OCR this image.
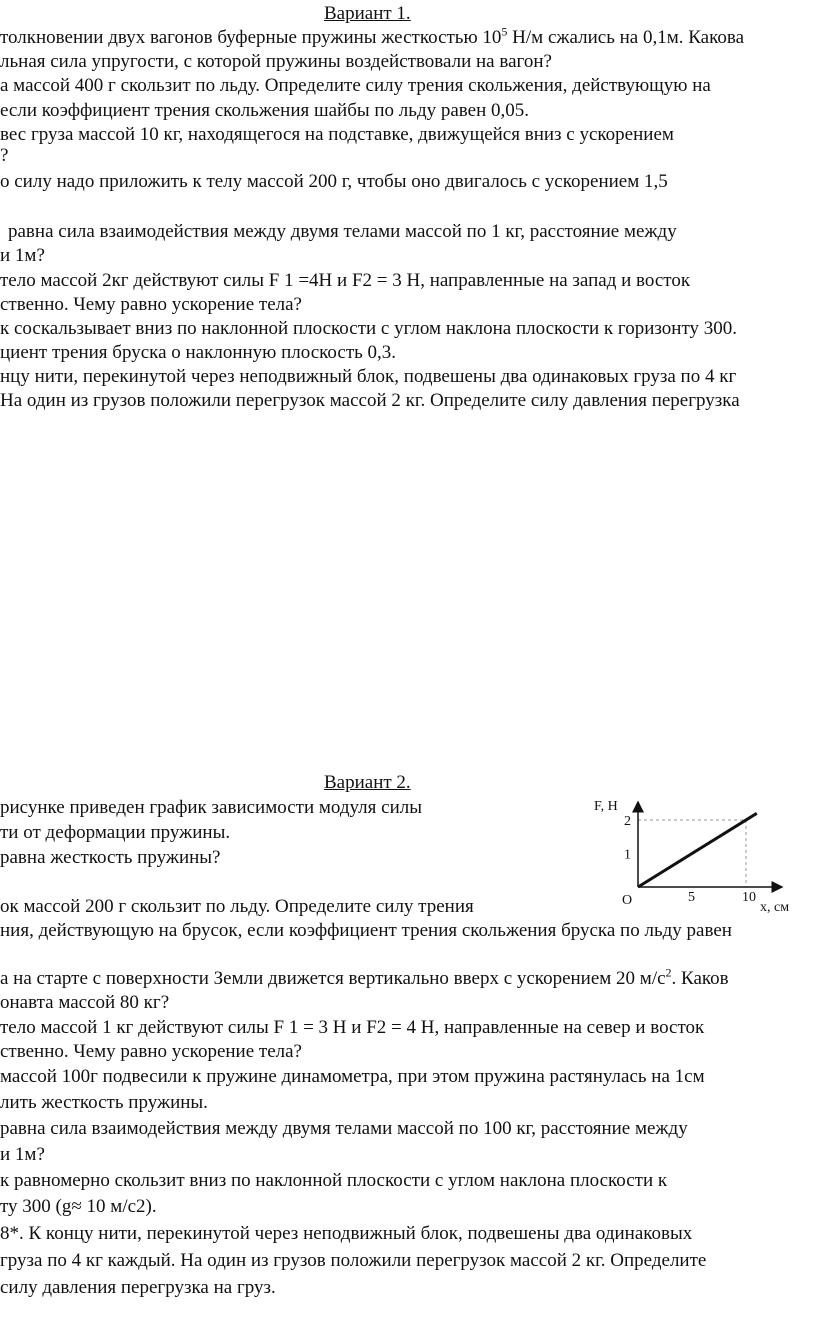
Вариант 1.
толкновении двух вагонов буферные пружины жесткостью $10^5$ Н/м сжались на 0,1м. Какова
льная сила упругости, с которой пружины воздействовали на вагон?
а массой 400 г скользит по льду. Определите силу трения скольжения, действующую на
если коэффициент трения скольжения шайбы по льду равен 0,05.
вес груза массой 10 кг, находящегося на подставке, движущейся вниз с ускорением
?
о силу надо приложить к телу массой 200 г, чтобы оно двигалось с ускорением 1,5
равна сила взаимодействия между двумя телами массой по 1 кг, расстояние между
и 1м?
тело массой 2кг действуют силы F 1 =4Н и F2 = 3 Н, направленные на запад и восток
ственно. Чему равно ускорение тела?
к соскальзывает вниз по наклонной плоскости с углом наклона плоскости к горизонту 300.
циент трения бруска о наклонную плоскость 0,3.
нцу нити, перекинутой через неподвижный блок, подвешены два одинаковых груза по 4 кг
На один из грузов положили перегрузок массой 2 кг. Определите силу давления перегрузка
Вариант 2.
рисунке приведен график зависимости модуля силы
ти от деформации пружины.
равна жесткость пружины?
ок массой 200 г скользит по льду. Определите силу трения
ния, действующую на брусок, если коэффициент трения скольжения бруска по льду равен
а на старте с поверхности Земли движется вертикально вверх с ускорением 20 $м/с^2$. Каков
онавта массой 80 кг?
тело массой 1 кг действуют силы F 1 = 3 Н и F2 = 4 Н, направленные на север и восток
ственно. Чему равно ускорение тела?
массой 100г подвесили к пружине динамометра, при этом пружина растянулась на 1см
лить жесткость пружины.
равна сила взаимодействия между двумя телами массой по 100 кг, расстояние между
и 1м?
к равномерно скользит вниз по наклонной плоскости с углом наклона плоскости к
ту 300 (g≈ 10 м/с2).
8*. К концу нити, перекинутой через неподвижный блок, подвешены два одинаковых
груза по 4 кг каждый. На один из грузов положили перегрузок массой 2 кг. Определите
силу давления перегрузка на груз.
5	10
1
2
F, Н
O	x, см
